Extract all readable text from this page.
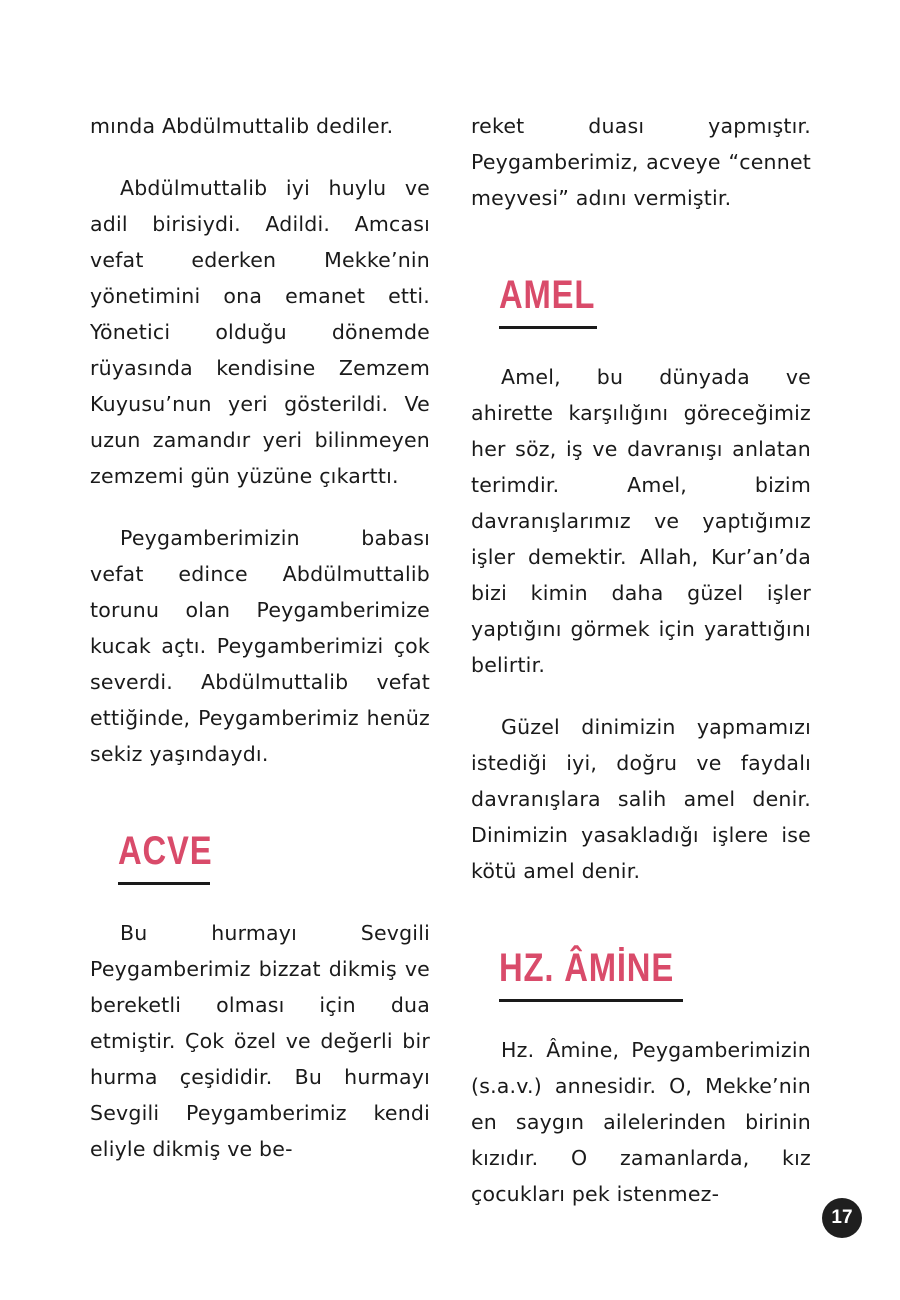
mında Abdülmuttalib dediler.

Abdülmuttalib iyi huylu ve adil birisiydi. Adildi. Amcası vefat ederken Mekke’nin yönetimini ona emanet etti. Yönetici olduğu dönemde rüyasında kendisine Zemzem Kuyusu’nun yeri gösterildi. Ve uzun zamandır yeri bilinmeyen zemzemi gün yüzüne çıkarttı.

Peygamberimizin babası vefat edince Abdülmuttalib torunu olan Peygamberimize kucak açtı. Peygamberimizi çok severdi. Abdülmuttalib vefat ettiğinde, Peygamberimiz henüz sekiz yaşındaydı.

ACVE

Bu hurmayı Sevgili Peygamberimiz bizzat dikmiş ve bereketli olması için dua etmiştir. Çok özel ve değerli bir hurma çeşididir. Bu hurmayı Sevgili Peygamberimiz kendi eliyle dikmiş ve be-

reket duası yapmıştır. Peygamberimiz, acveye “cennet meyvesi” adını vermiştir.

AMEL

Amel, bu dünyada ve ahirette karşılığını göreceğimiz her söz, iş ve davranışı anlatan terimdir. Amel, bizim davranışlarımız ve yaptığımız işler demektir. Allah, Kur’an’da bizi kimin daha güzel işler yaptığını görmek için yarattığını belirtir.

Güzel dinimizin yapmamızı istediği iyi, doğru ve faydalı davranışlara salih amel denir. Dinimizin yasakladığı işlere ise kötü amel denir.

HZ. ÂMİNE

Hz. Âmine, Peygamberimizin (s.a.v.) annesidir. O, Mekke’nin en saygın ailelerinden birinin kızıdır. O zamanlarda, kız çocukları pek istenmez-

17
